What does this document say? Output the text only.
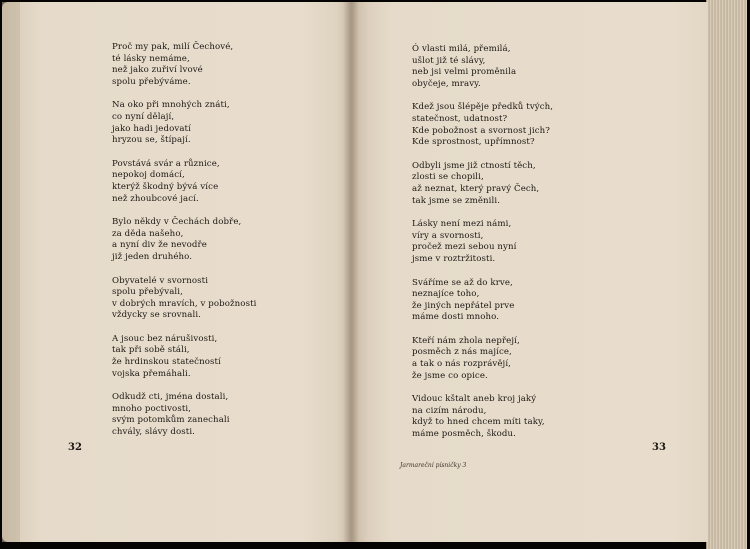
Proč my pak, milí Čechové,
té lásky nemáme,
než jako zuřiví lvové
spolu přebýváme.
Na oko při mnohých znáti,
co nyní dělají,
jako hadi jedovatí
hryzou se, štípají.
Povstává svár a různice,
nepokoj domácí,
kterýž škodný bývá více
než zhoubcové jací.
Bylo někdy v Čechách dobře,
za děda našeho,
a nyní div že nevodře
již jeden druhého.
Obyvatelé v svornosti
spolu přebývali,
v dobrých mravích, v pobožnosti
vždycky se srovnali.
A jsouc bez nárušivosti,
tak při sobě stáli,
že hrdinskou statečností
vojska přemáhali.
Odkudž cti, jména dostali,
mnoho poctivosti,
svým potomkům zanechali
chvály, slávy dosti.
Ó vlasti milá, přemilá,
ušlot již té slávy,
neb jsi velmi proměnila
obyčeje, mravy.
Kdež jsou šlépěje předků tvých,
statečnost, udatnost?
Kde pobožnost a svornost jich?
Kde sprostnost, upřímnost?
Odbyli jsme již ctností těch,
zlosti se chopili,
až neznat, který pravý Čech,
tak jsme se změnili.
Lásky není mezi námi,
víry a svornosti,
pročež mezi sebou nyní
jsme v roztržitosti.
Sváříme se až do krve,
neznajíce toho,
že jiných nepřátel prve
máme dosti mnoho.
Kteří nám zhola nepřejí,
posměch z nás majíce,
a tak o nás rozprávějí,
že jsme co opice.
Vidouc kštalt aneb kroj jaký
na cizím národu,
když to hned chcem míti taky,
máme posměch, škodu.
32	33
Jarmareční písničky 3
